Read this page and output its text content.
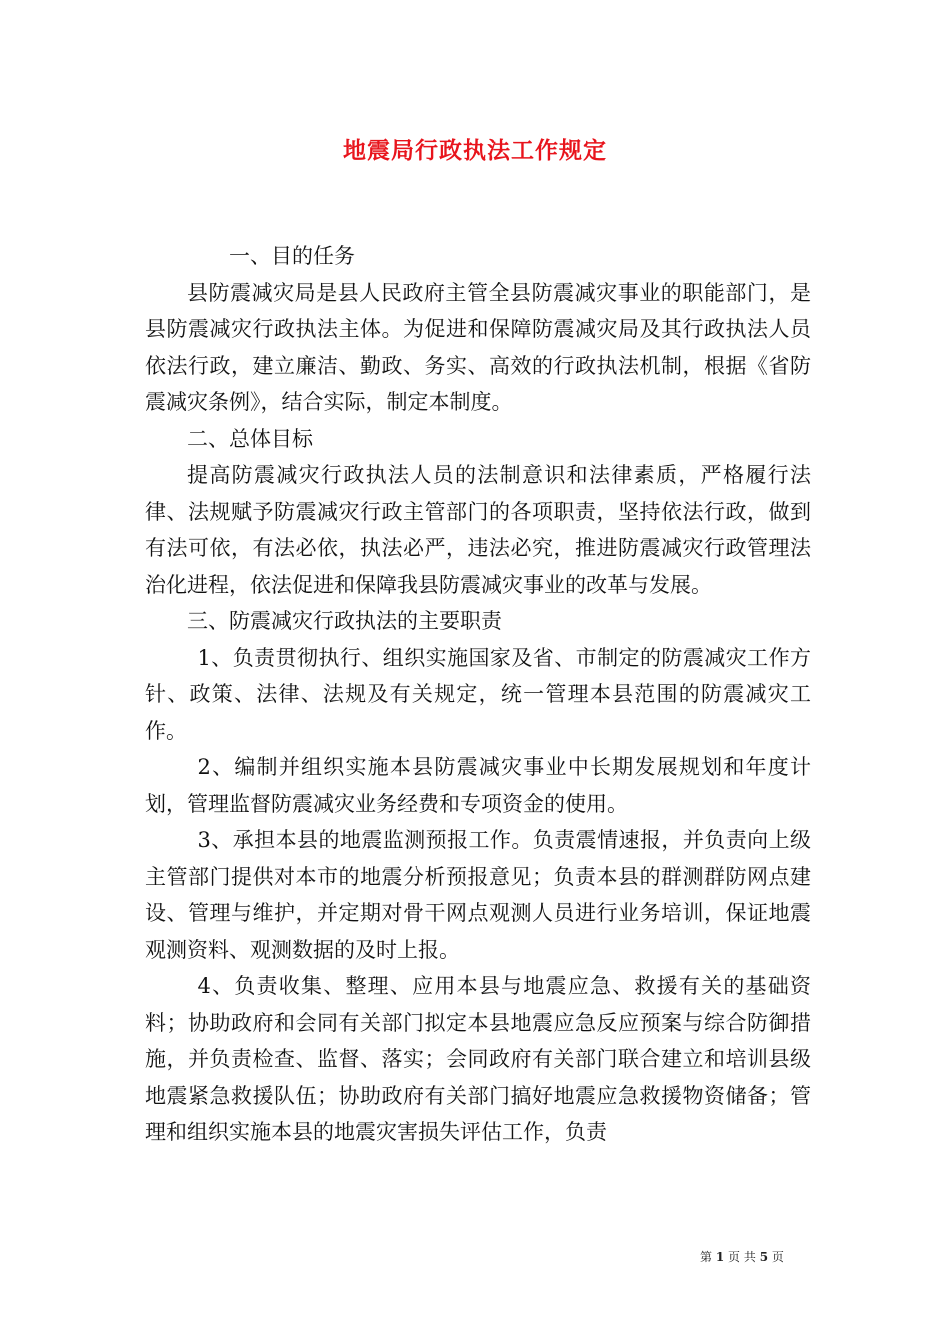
地震局行政执法工作规定

一、目的任务

县防震减灾局是县人民政府主管全县防震减灾事业的职能部门，是县防震减灾行政执法主体。为促进和保障防震减灾局及其行政执法人员依法行政，建立廉洁、勤政、务实、高效的行政执法机制，根据《省防震减灾条例》，结合实际，制定本制度。

二、总体目标

提高防震减灾行政执法人员的法制意识和法律素质，严格履行法律、法规赋予防震减灾行政主管部门的各项职责，坚持依法行政，做到有法可依，有法必依，执法必严，违法必究，推进防震减灾行政管理法治化进程，依法促进和保障我县防震减灾事业的改革与发展。

三、防震减灾行政执法的主要职责

1、负责贯彻执行、组织实施国家及省、市制定的防震减灾工作方针、政策、法律、法规及有关规定，统一管理本县范围的防震减灾工作。

2、编制并组织实施本县防震减灾事业中长期发展规划和年度计划，管理监督防震减灾业务经费和专项资金的使用。

3、承担本县的地震监测预报工作。负责震情速报，并负责向上级主管部门提供对本市的地震分析预报意见；负责本县的群测群防网点建设、管理与维护，并定期对骨干网点观测人员进行业务培训，保证地震观测资料、观测数据的及时上报。

4、负责收集、整理、应用本县与地震应急、救援有关的基础资料；协助政府和会同有关部门拟定本县地震应急反应预案与综合防御措施，并负责检查、监督、落实；会同政府有关部门联合建立和培训县级地震紧急救援队伍；协助政府有关部门搞好地震应急救援物资储备；管理和组织实施本县的地震灾害损失评估工作，负责

第 1 页 共 5 页
